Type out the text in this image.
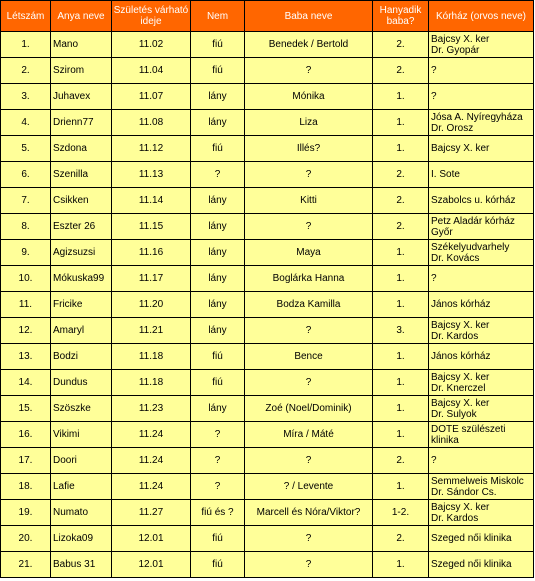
Létszám	Anya neve	Születés várható ideje	Nem	Baba neve	Hanyadik baba?	Kórház (orvos neve)
1.	Mano	11.02	fiú	Benedek / Bertold	2.	Bajcsy X. ker
Dr. Gyopár
2.	Szirom	11.04	fiú	?	2.	?
3.	Juhavex	11.07	lány	Mónika	1.	?
4.	Drienn77	11.08	lány	Liza	1.	Jósa A. Nyíregyháza
Dr. Orosz
5.	Szdona	11.12	fiú	Illés?	1.	Bajcsy X. ker
6.	Szenilla	11.13	?	?	2.	I. Sote
7.	Csikken	11.14	lány	Kitti	2.	Szabolcs u. kórház
8.	Eszter 26	11.15	lány	?	2.	Petz Aladár kórház
Győr
9.	Agizsuzsi	11.16	lány	Maya	1.	Székelyudvarhely
Dr. Kovács
10.	Mókuska99	11.17	lány	Boglárka Hanna	1.	?
11.	Fricike	11.20	lány	Bodza Kamilla	1.	János kórház
12.	Amaryl	11.21	lány	?	3.	Bajcsy X. ker
Dr. Kardos
13.	Bodzi	11.18	fiú	Bence	1.	János kórház
14.	Dundus	11.18	fiú	?	1.	Bajcsy X. ker
Dr. Knerczel
15.	Szöszke	11.23	lány	Zoé (Noel/Dominik)	1.	Bajcsy X. ker
Dr. Sulyok
16.	Vikimi	11.24	?	Míra / Máté	1.	DOTE szülészeti klinika
17.	Doori	11.24	?	?	2.	?
18.	Lafie	11.24	?	? / Levente	1.	Semmelweis Miskolc
Dr. Sándor Cs.
19.	Numato	11.27	fiú és ?	Marcell és Nóra/Viktor?	1-2.	Bajcsy X. ker
Dr. Kardos
20.	Lizoka09	12.01	fiú	?	2.	Szeged női klinika
21.	Babus 31	12.01	fiú	?	1.	Szeged női klinika
